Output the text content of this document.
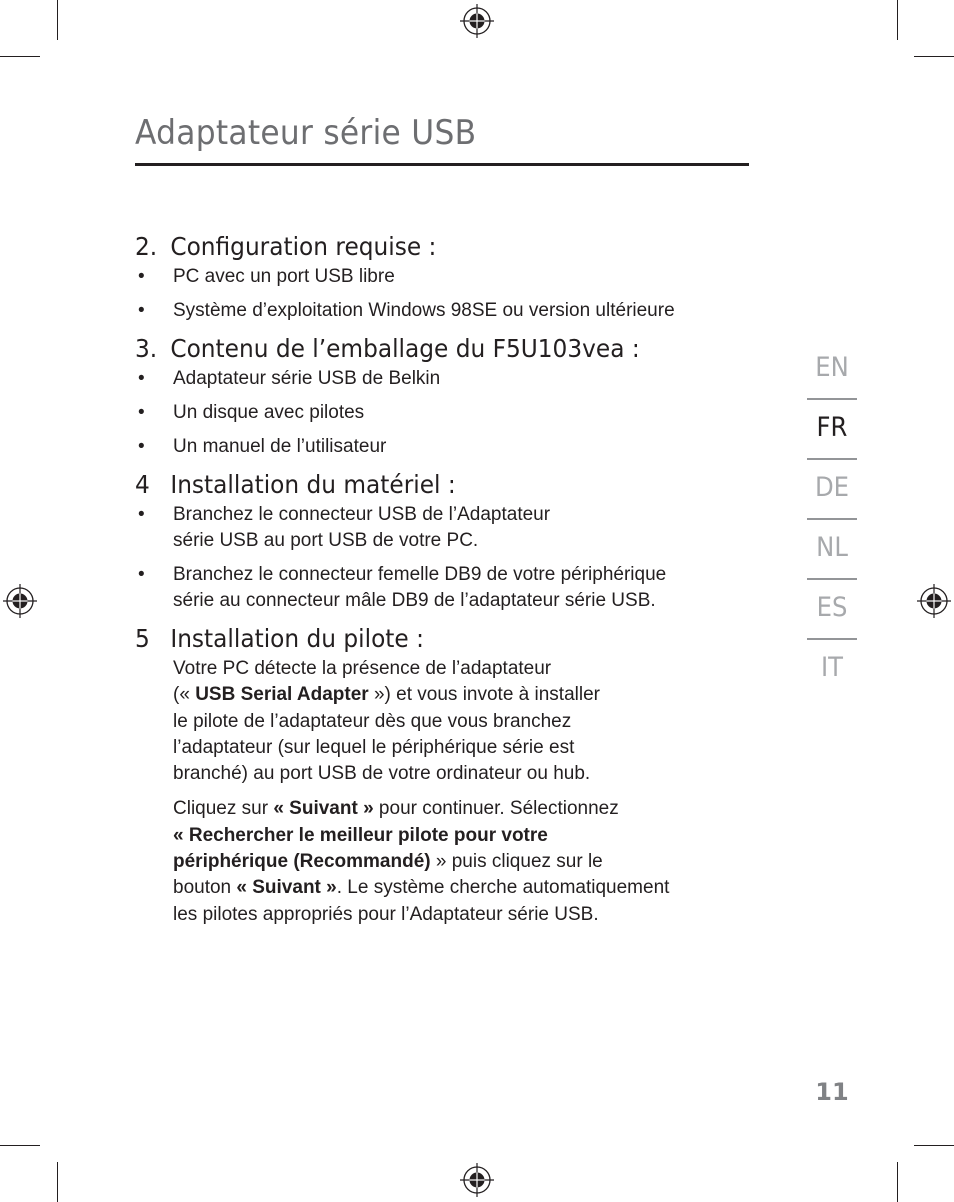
Adaptateur série USB
2. Configuration requise :
• PC avec un port USB libre
• Système d’exploitation Windows 98SE ou version ultérieure
3. Contenu de l’emballage du F5U103vea :
• Adaptateur série USB de Belkin
• Un disque avec pilotes
• Un manuel de l’utilisateur
4 Installation du matériel :
• Branchez le connecteur USB de l’Adaptateur
série USB au port USB de votre PC.
• Branchez le connecteur femelle DB9 de votre périphérique
série au connecteur mâle DB9 de l’adaptateur série USB.
5 Installation du pilote :

Votre PC détecte la présence de l’adaptateur
(« USB Serial Adapter ») et vous invote à installer
le pilote de l’adaptateur dès que vous branchez
l’adaptateur (sur lequel le périphérique série est
branché) au port USB de votre ordinateur ou hub.

Cliquez sur « Suivant » pour continuer. Sélectionnez
« Rechercher le meilleur pilote pour votre
périphérique (Recommandé) » puis cliquez sur le
bouton « Suivant ». Le système cherche automatiquement
les pilotes appropriés pour l’Adaptateur série USB.

EN
FR
DE
NL
ES
IT
11
